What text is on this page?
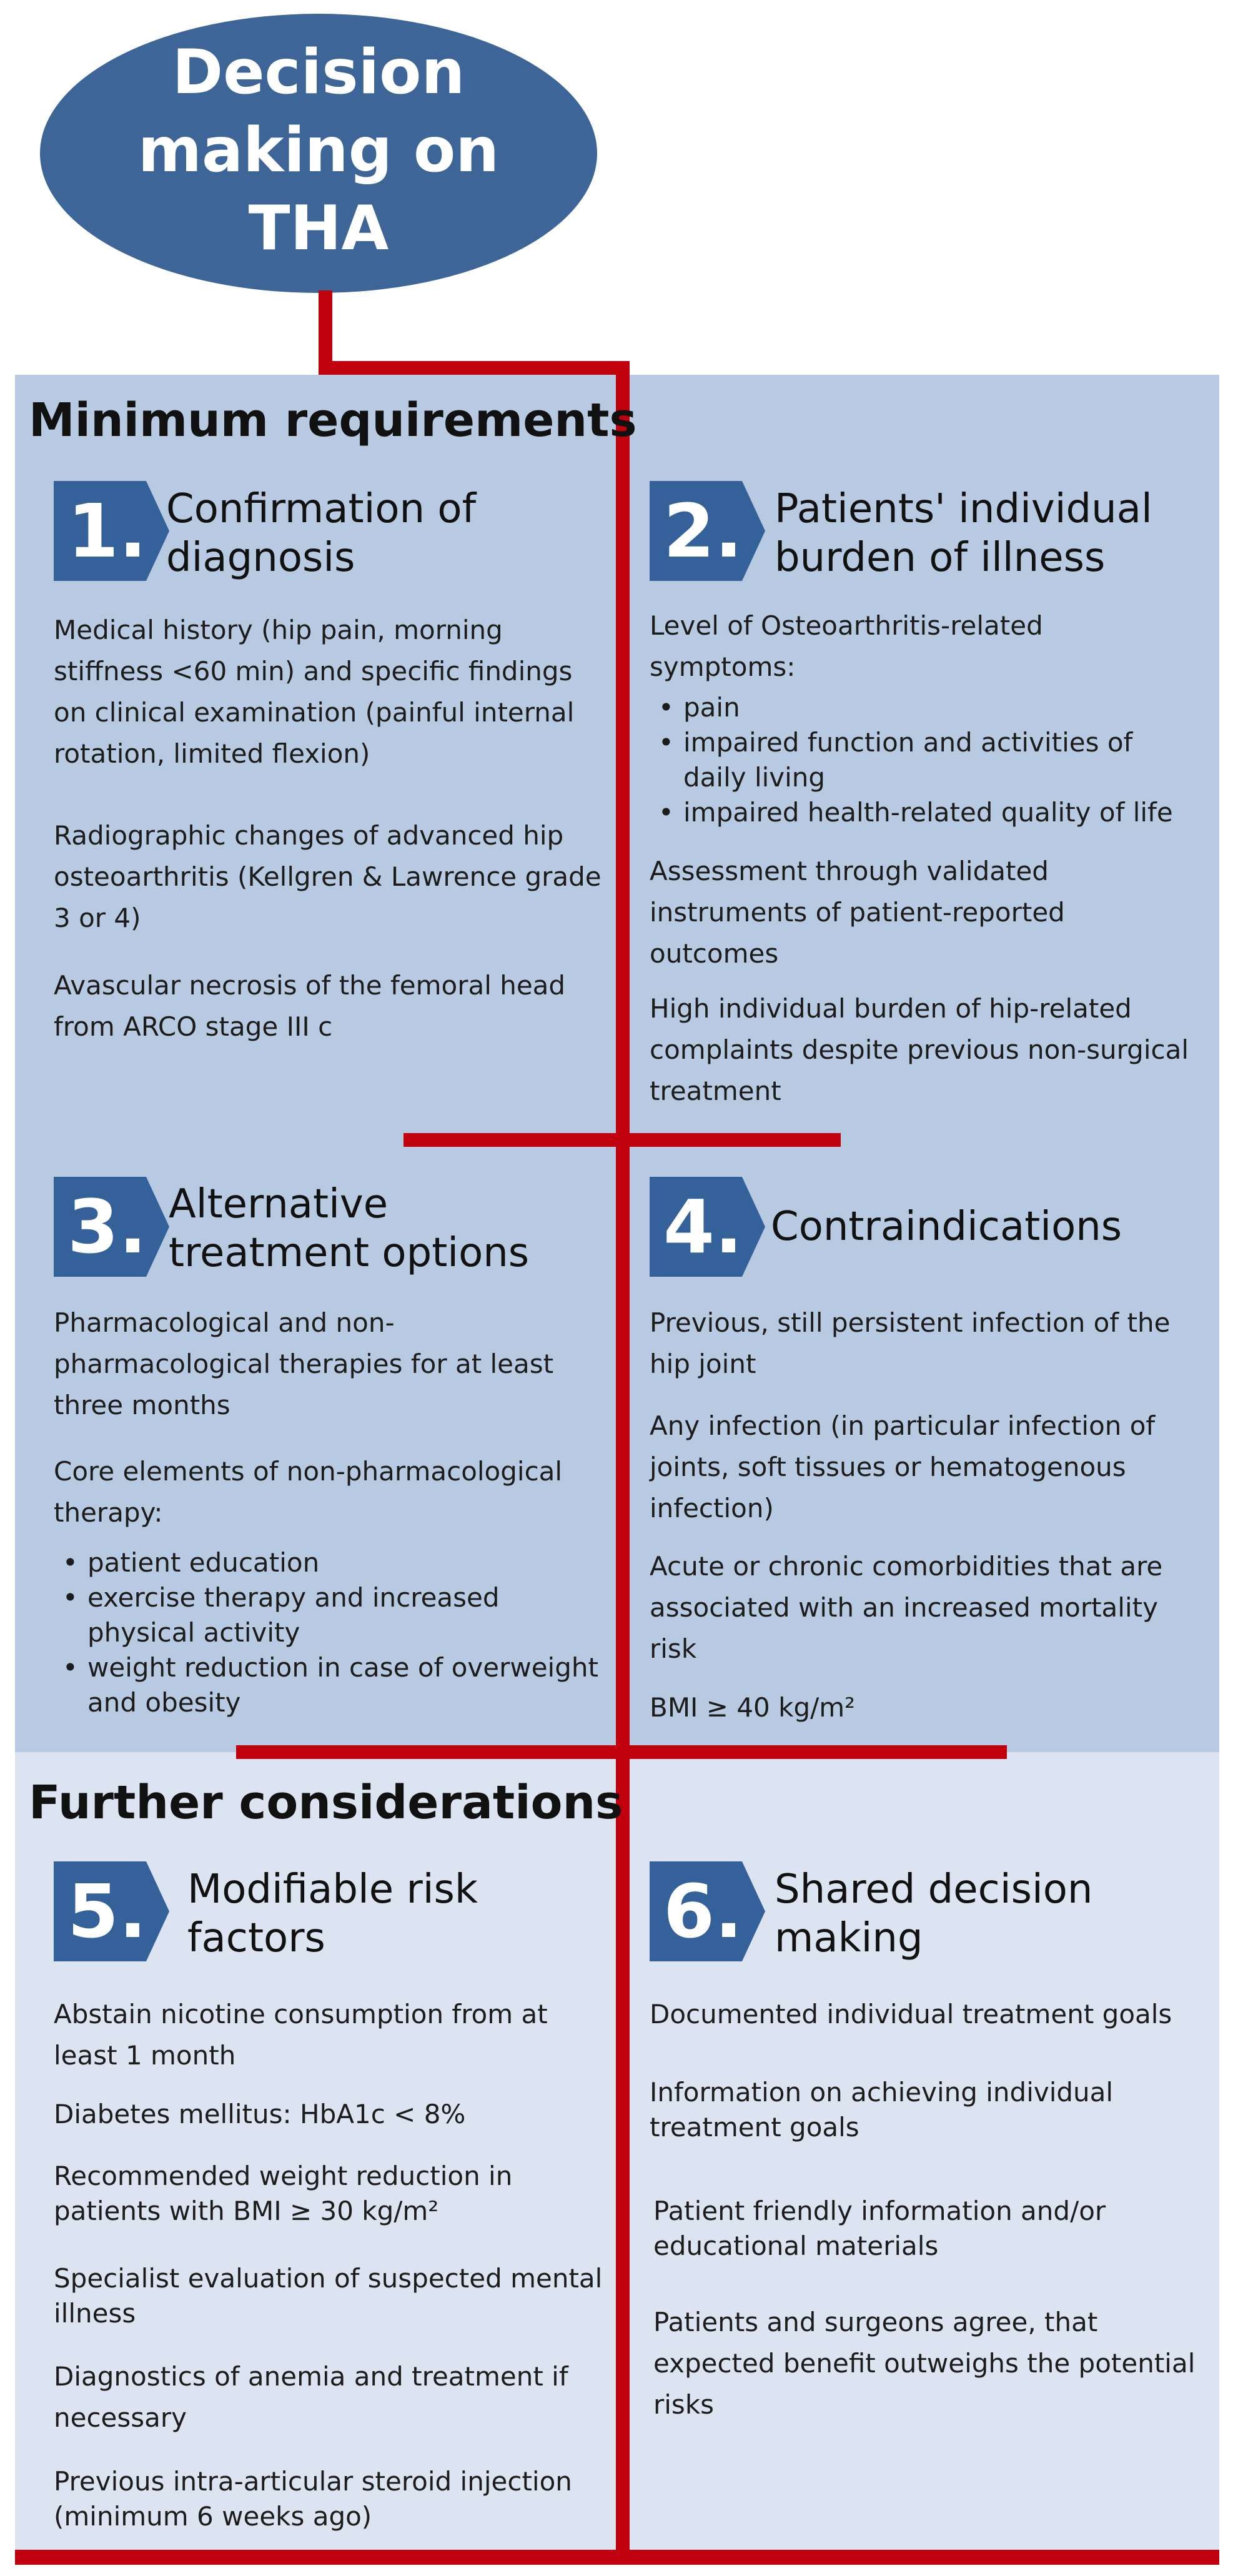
Decision making on THA
Minimum requirements
Further considerations
1. Confirmation of diagnosis
Medical history (hip pain, morning stiffness <60 min) and specific findings on clinical examination (painful internal rotation, limited flexion)
Radiographic changes of advanced hip osteoarthritis (Kellgren & Lawrence grade 3 or 4)
Avascular necrosis of the femoral head from ARCO stage III c
2. Patients' individual burden of illness
Level of Osteoarthritis-related symptoms:
• pain
• impaired function and activities of daily living
• impaired health-related quality of life
Assessment through validated instruments of patient-reported outcomes
High individual burden of hip-related complaints despite previous non-surgical treatment
3. Alternative treatment options
Pharmacological and non-pharmacological therapies for at least three months
Core elements of non-pharmacological therapy:
• patient education
• exercise therapy and increased physical activity
• weight reduction in case of overweight and obesity
4. Contraindications
Previous, still persistent infection of the hip joint
Any infection (in particular infection of joints, soft tissues or hematogenous infection)
Acute or chronic comorbidities that are associated with an increased mortality risk
BMI ≥ 40 kg/m²
5. Modifiable risk factors
Abstain nicotine consumption from at least 1 month
Diabetes mellitus: HbA1c < 8%
Recommended weight reduction in patients with BMI ≥ 30 kg/m²
Specialist evaluation of suspected mental illness
Diagnostics of anemia and treatment if necessary
Previous intra-articular steroid injection (minimum 6 weeks ago)
6. Shared decision making
Documented individual treatment goals
Information on achieving individual treatment goals
Patient friendly information and/or educational materials
Patients and surgeons agree, that expected benefit outweighs the potential risks
